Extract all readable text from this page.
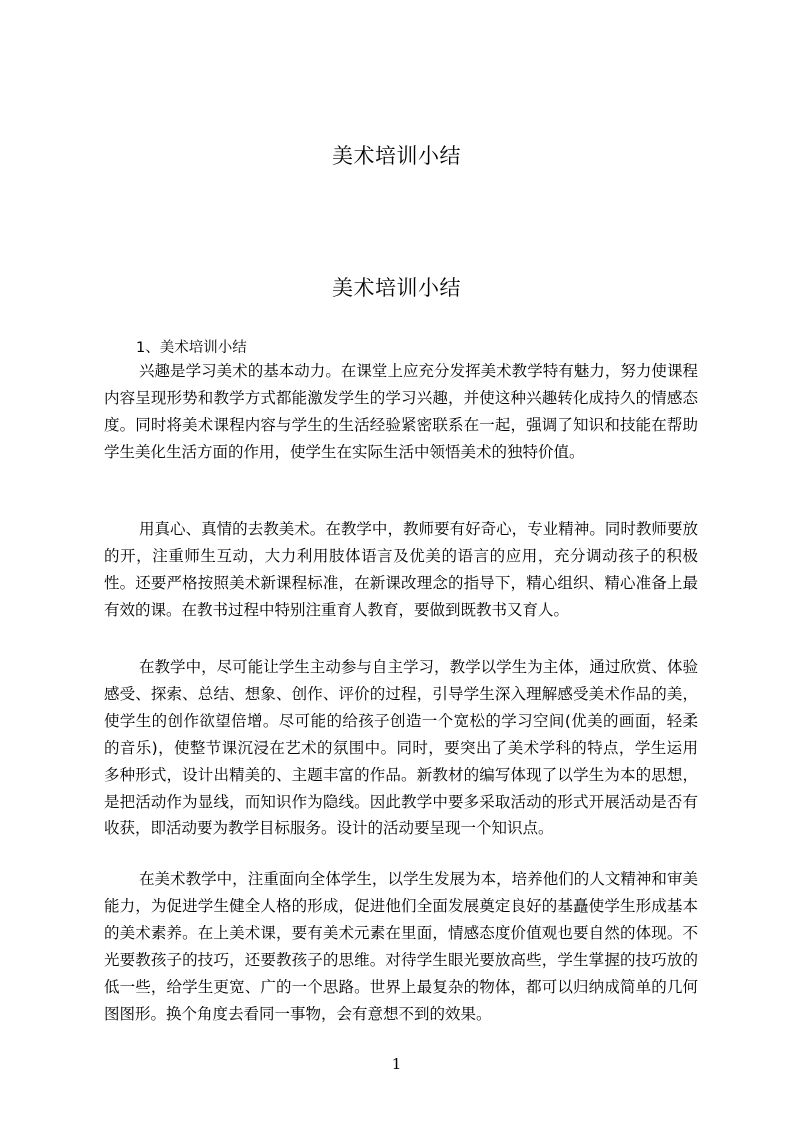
美术培训小结
美术培训小结
1、美术培训小结

兴趣是学习美术的基本动力。在课堂上应充分发挥美术教学特有魅力，努力使课程内容呈现形势和教学方式都能激发学生的学习兴趣，并使这种兴趣转化成持久的情感态度。同时将美术课程内容与学生的生活经验紧密联系在一起，强调了知识和技能在帮助学生美化生活方面的作用，使学生在实际生活中领悟美术的独特价值。

用真心、真情的去教美术。在教学中，教师要有好奇心，专业精神。同时教师要放的开，注重师生互动，大力利用肢体语言及优美的语言的应用，充分调动孩子的积极性。还要严格按照美术新课程标准，在新课改理念的指导下，精心组织、精心准备上最有效的课。在教书过程中特别注重育人教育，要做到既教书又育人。

在教学中，尽可能让学生主动参与自主学习，教学以学生为主体，通过欣赏、体验感受、探索、总结、想象、创作、评价的过程，引导学生深入理解感受美术作品的美，使学生的创作欲望倍增。尽可能的给孩子创造一个宽松的学习空间(优美的画面，轻柔的音乐)，使整节课沉浸在艺术的氛围中。同时，要突出了美术学科的特点，学生运用多种形式，设计出精美的、主题丰富的作品。新教材的编写体现了以学生为本的思想，是把活动作为显线，而知识作为隐线。因此教学中要多采取活动的形式开展活动是否有收获，即活动要为教学目标服务。设计的活动要呈现一个知识点。

在美术教学中，注重面向全体学生，以学生发展为本，培养他们的人文精神和审美能力，为促进学生健全人格的形成，促进他们全面发展奠定良好的基矗使学生形成基本的美术素养。在上美术课，要有美术元素在里面，情感态度价值观也要自然的体现。不光要教孩子的技巧，还要教孩子的思维。对待学生眼光要放高些，学生掌握的技巧放的低一些，给学生更宽、广的一个思路。世界上最复杂的物体，都可以归纳成简单的几何图图形。换个角度去看同一事物，会有意想不到的效果。

1
